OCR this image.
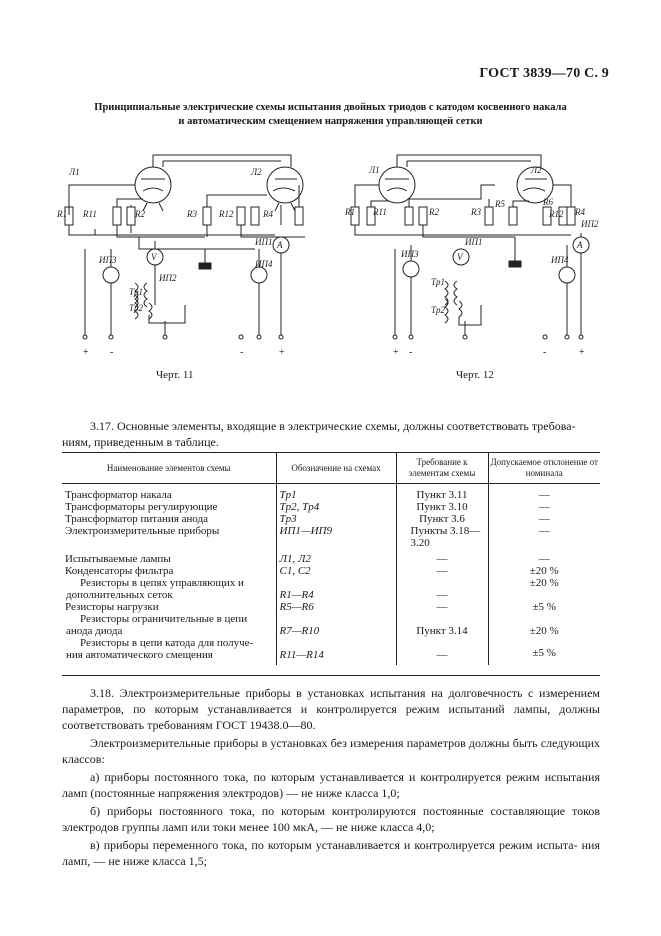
ГОСТ 3839—70 С. 9
Принципиальные электрические схемы испытания двойных триодов с катодом косвенного накала
и автоматическим смещением напряжения управляющей сетки
Л1	Л2
R1 R11	R2	R3 R12	R4
ИП1
ИП3	ИП4
ИП2
Tp1
Tp2
A
V
+ -	-	+
Черт. 11
Л1	Л2
R1 R11	R2	R3
R5	R6
R12 R4
ИП1
ИП2
ИП3
ИП4
Tp1
Tp2
A
V
+ -	-	+
Черт. 12
3.17. Основные элементы, входящие в электрические схемы, должны соответствовать требова-
ниям, приведенным в таблице.
Наименование элементов схемы	Обозначение на схемах	Требование к элементам схемы	Допускаемое отклонение от номинала
Трансформатор накала	Tp1	Пункт 3.11	—
Трансформаторы регулирующие	Tp2, Tp4	Пункт 3.10	—
Трансформатор питания анода	Tp3	Пункт 3.6	—
Электроизмерительные приборы	ИП1—ИП9	Пункты 3.18—3.20	—
Испытываемые лампы	Л1, Л2	—	—
Конденсаторы фильтра	C1, C2	—	±20 %
Резисторы в цепях управляющих и дополнительных сеток	R1—R4	—	±20 %
Резисторы нагрузки	R5—R6	—	±5 %
Резисторы ограничительные в цепи анода диода	R7—R10	Пункт 3.14	±20 %
Резисторы в цепи катода для получе- ния автоматического смещения	R11—R14	—	±5 %
3.18. Электроизмерительные приборы в установках испытания на долговечность с измерением параметров, по которым устанавливается и контролируется режим испытаний лампы, должны соответствовать требованиям ГОСТ 19438.0—80.
Электроизмерительные приборы в установках без измерения параметров должны быть следующих классов:
а) приборы постоянного тока, по которым устанавливается и контролируется режим испытания ламп (постоянные напряжения электродов) — не ниже класса 1,0;
б) приборы постоянного тока, по которым контролируются постоянные составляющие токов электродов группы ламп или токи менее 100 мкА, — не ниже класса 4,0;
в) приборы переменного тока, по которым устанавливается и контролируется режим испыта- ния ламп, — не ниже класса 1,5;
